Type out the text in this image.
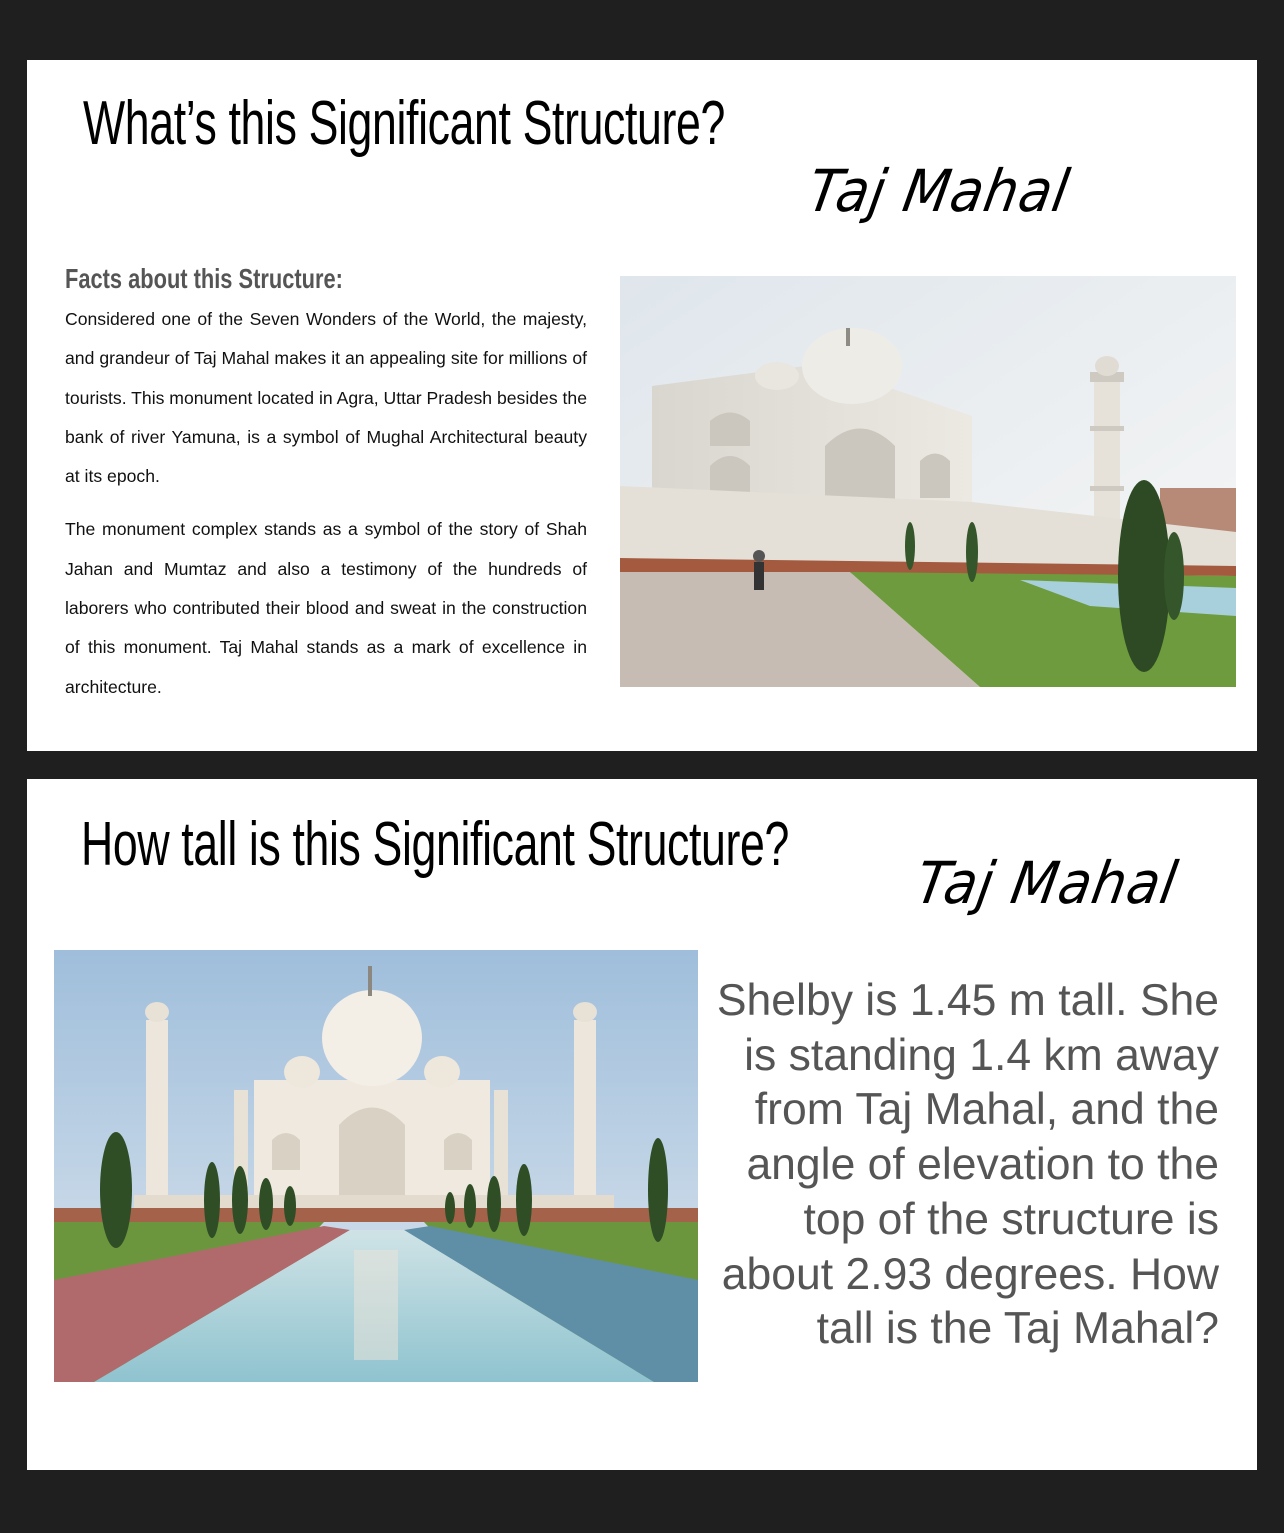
What’s this Significant Structure?
Taj Mahal
Facts about this Structure:

Considered one of the Seven Wonders of the World, the majesty, and grandeur of Taj Mahal makes it an appealing site for millions of tourists. This monument located in Agra, Uttar Pradesh besides the bank of river Yamuna, is a symbol of Mughal Architectural beauty at its epoch.

The monument complex stands as a symbol of the story of Shah Jahan and Mumtaz and also a testimony of the hundreds of laborers who contributed their blood and sweat in the construction of this monument. Taj Mahal stands as a mark of excellence in architecture.

How tall is this Significant Structure?
Taj Mahal
Shelby is 1.45 m tall. She is standing 1.4 km away from Taj Mahal, and the angle of elevation to the top of the structure is about 2.93 degrees. How tall is the Taj Mahal?
